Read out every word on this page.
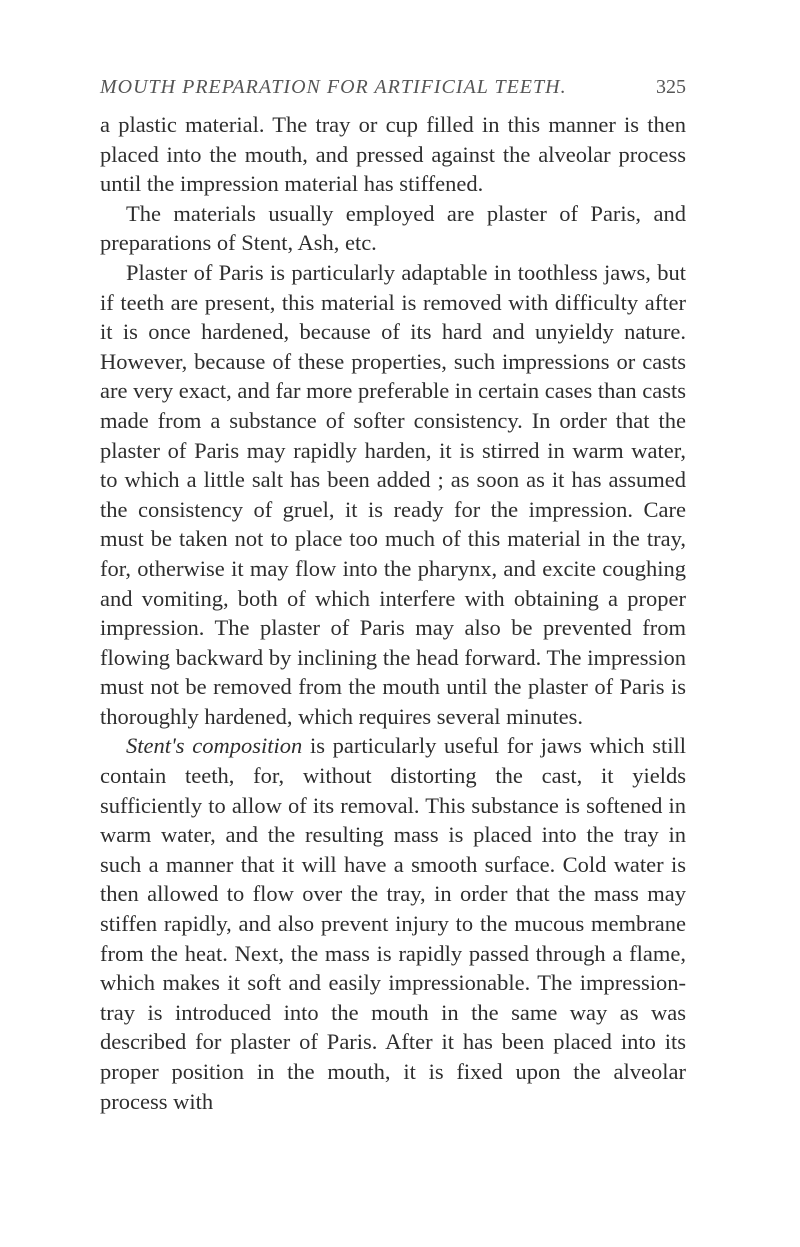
MOUTH PREPARATION FOR ARTIFICIAL TEETH.	325

a plastic material. The tray or cup filled in this manner is then placed into the mouth, and pressed against the alveolar process until the impression material has stiffened.

The materials usually employed are plaster of Paris, and preparations of Stent, Ash, etc.

Plaster of Paris is particularly adaptable in toothless jaws, but if teeth are present, this material is removed with difficulty after it is once hardened, because of its hard and unyieldy nature. However, because of these properties, such impressions or casts are very exact, and far more preferable in certain cases than casts made from a substance of softer consistency. In order that the plaster of Paris may rapidly harden, it is stirred in warm water, to which a little salt has been added ; as soon as it has assumed the consistency of gruel, it is ready for the impression. Care must be taken not to place too much of this material in the tray, for, otherwise it may flow into the pharynx, and excite coughing and vomiting, both of which interfere with obtaining a proper impression. The plaster of Paris may also be prevented from flowing backward by inclining the head forward. The impression must not be removed from the mouth until the plaster of Paris is thoroughly hardened, which requires several minutes.

Stent's composition is particularly useful for jaws which still contain teeth, for, without distorting the cast, it yields sufficiently to allow of its removal. This substance is softened in warm water, and the resulting mass is placed into the tray in such a manner that it will have a smooth surface. Cold water is then allowed to flow over the tray, in order that the mass may stiffen rapidly, and also prevent injury to the mucous membrane from the heat. Next, the mass is rapidly passed through a flame, which makes it soft and easily impressionable. The impression-tray is introduced into the mouth in the same way as was described for plaster of Paris. After it has been placed into its proper position in the mouth, it is fixed upon the alveolar process with
